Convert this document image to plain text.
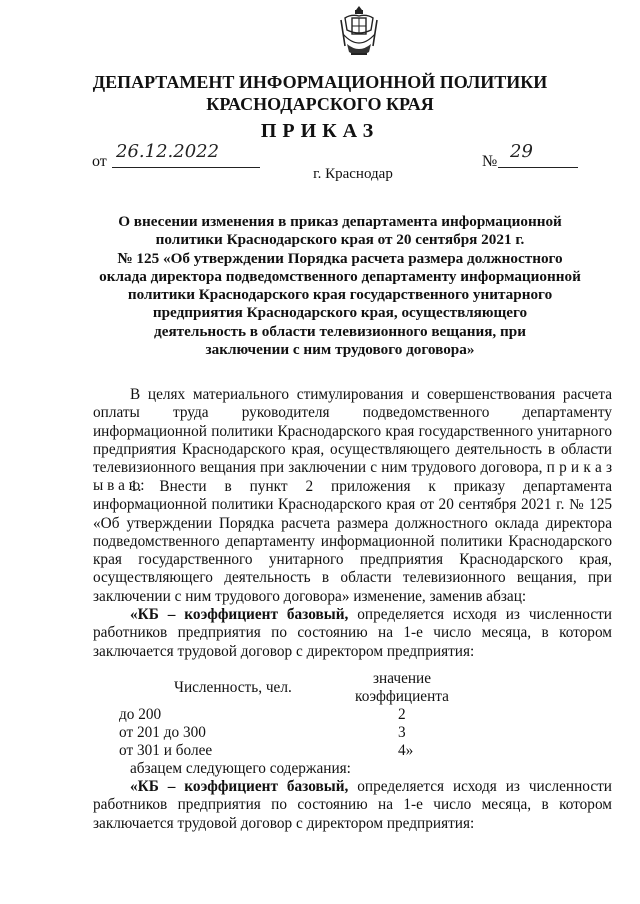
ДЕПАРТАМЕНТ ИНФОРМАЦИОННОЙ ПОЛИТИКИ
КРАСНОДАРСКОГО КРАЯ
ПРИКАЗ
от 26.12.2022	№ 29
г. Краснодар
О внесении изменения в приказ департамента информационной
политики Краснодарского края от 20 сентября 2021 г.
№ 125 «Об утверждении Порядка расчета размера должностного
оклада директора подведомственного департаменту информационной
политики Краснодарского края государственного унитарного
предприятия Краснодарского края, осуществляющего
деятельность в области телевизионного вещания, при
заключении с ним трудового договора»
В целях материального стимулирования и совершенствования расчета оплаты труда руководителя подведомственного департаменту информационной политики Краснодарского края государственного унитарного предприятия Краснодарского края, осуществляющего деятельность в области телевизионного вещания при заключении с ним трудового договора, п р и к а з ы в а ю:
1. Внести в пункт 2 приложения к приказу департамента информационной политики Краснодарского края от 20 сентября 2021 г. № 125 «Об утверждении Порядка расчета размера должностного оклада директора подведомственного департаменту информационной политики Краснодарского края государственного унитарного предприятия Краснодарского края, осуществляющего деятельность в области телевизионного вещания, при заключении с ним трудового договора» изменение, заменив абзац:
«КБ – коэффициент базовый, определяется исходя из численности работников предприятия по состоянию на 1-е число месяца, в котором заключается трудовой договор с директором предприятия:
Численность, чел.
значение
коэффициента
до 200	2
от 201 до 300	3
от 301 и более	4»
абзацем следующего содержания:
«КБ – коэффициент базовый, определяется исходя из численности работников предприятия по состоянию на 1-е число месяца, в котором заключается трудовой договор с директором предприятия:
